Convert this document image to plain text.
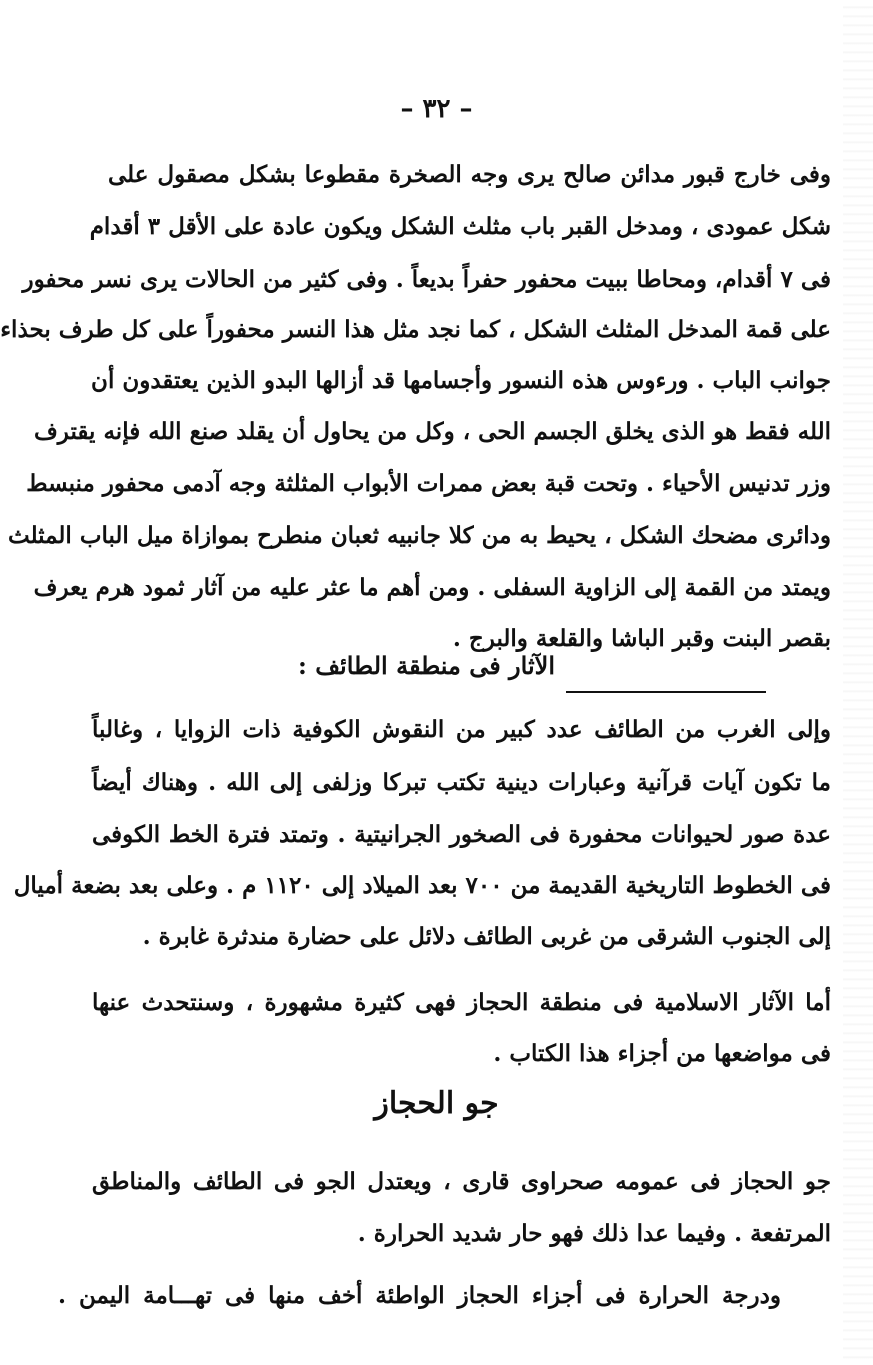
– ٣٢ –
وفى خارج قبور مدائن صالح يرى وجه الصخرة مقطوعا بشكل مصقول على
شكل عمودى ، ومدخل القبر باب مثلث الشكل ويكون عادة على الأقل ٣ أقدام
فى ٧ أقدام، ومحاطا ببيت محفور حفراً بديعاً . وفى كثير من الحالات يرى نسر محفور
على قمة المدخل المثلث الشكل ، كما نجد مثل هذا النسر محفوراً على كل طرف بحذاء
جوانب الباب . ورءوس هذه النسور وأجسامها قد أزالها البدو الذين يعتقدون أن
الله فقط هو الذى يخلق الجسم الحى ، وكل من يحاول أن يقلد صنع الله فإنه يقترف
وزر تدنيس الأحياء . وتحت قبة بعض ممرات الأبواب المثلثة وجه آدمى محفور منبسط
ودائرى مضحك الشكل ، يحيط به من كلا جانبيه ثعبان منطرح بموازاة ميل الباب المثلث
ويمتد من القمة إلى الزاوية السفلى . ومن أهم ما عثر عليه من آثار ثمود هرم يعرف
بقصر البنت وقبر الباشا والقلعة والبرج .
الآثار فى منطقة الطائف :
وإلى الغرب من الطائف عدد كبير من النقوش الكوفية ذات الزوايا ، وغالباً
ما تكون آيات قرآنية وعبارات دينية تكتب تبركا وزلفى إلى الله . وهناك أيضاً
عدة صور لحيوانات محفورة فى الصخور الجرانيتية . وتمتد فترة الخط الكوفى
فى الخطوط التاريخية القديمة من ٧٠٠ بعد الميلاد إلى ١١٢٠ م . وعلى بعد بضعة أميال
إلى الجنوب الشرقى من غربى الطائف دلائل على حضارة مندثرة غابرة .
أما الآثار الاسلامية فى منطقة الحجاز فهى كثيرة مشهورة ، وسنتحدث عنها
فى مواضعها من أجزاء هذا الكتاب .
جو الحجاز
جو الحجاز فى عمومه صحراوى قارى ، ويعتدل الجو فى الطائف والمناطق
المرتفعة . وفيما عدا ذلك فهو حار شديد الحرارة .
ودرجة الحرارة فى أجزاء الحجاز الواطئة أخف منها فى تهـــامة اليمن .
